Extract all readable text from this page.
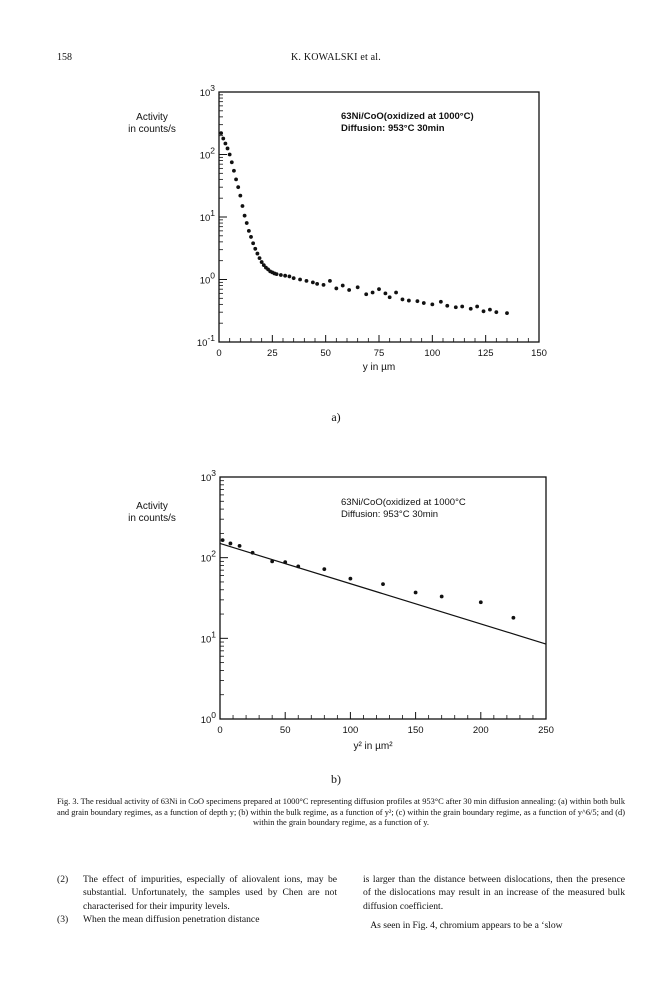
158	K. KOWALSKI et al.
103
102
101
100
10-1
0	25	50	75	100	125	150
Activity
in counts/s
y in µm
63Ni/CoO(oxidized at 1000°C)
Diffusion: 953°C 30min
a)
103
102
101
100
0	50	100	150	200	250
Activity
in counts/s
y² in µm²
63Ni/CoO(oxidized at 1000°C
Diffusion: 953°C 30min
b)
Fig. 3. The residual activity of 63Ni in CoO specimens prepared at 1000°C representing diffusion profiles at 953°C after 30 min diffusion annealing: (a) within both bulk and grain boundary regimes, as a function of depth y; (b) within the bulk regime, as a function of y²; (c) within the grain boundary regime, as a function of y^6/5; and (d) within the grain boundary regime, as a function of y.
(2)	The effect of impurities, especially of aliovalent ions, may be substantial. Unfortunately, the samples used by Chen are not characterised for their impurity levels.
(3)	When the mean diffusion penetration distance
is larger than the distance between dislocations, then the presence of the dislocations may result in an increase of the measured bulk diffusion coefficient.
As seen in Fig. 4, chromium appears to be a ‘slow
